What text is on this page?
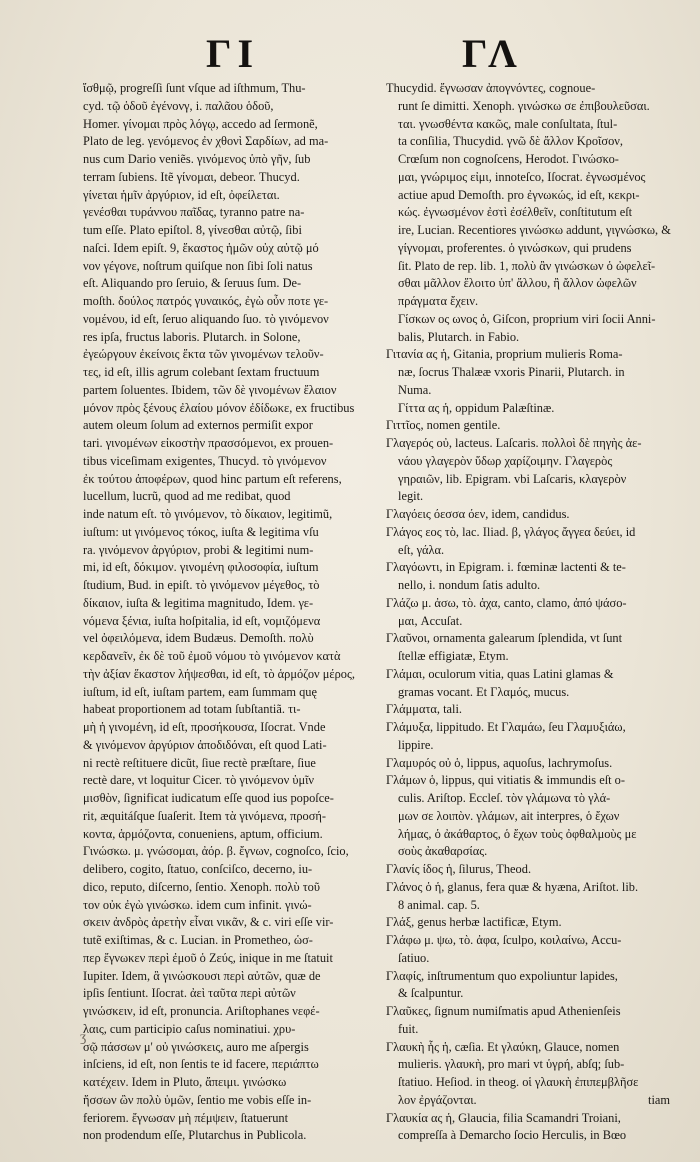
ΓΙ	ΓΛ
ἴσθμῷ, progreſſi ſunt vſque ad iſthmum, Thu-
cyd. τῷ ὁδοῦ ἐγένονγ, i. παλᾶου ὁδοῦ,
Homer. γίνομαι πρὸς λόγῳ, accedo ad ſermonẽ,
Plato de leg. γενόμενος ἐν χθονὶ Σαρδίων, ad ma-
nus cum Dario veniẽs. γινόμενος ὑπὸ γῆν, ſub
terram ſubiens. Itẽ γίνομαι, debeor. Thucyd.
γίνεται ἡμῖν ἀργύριον, id eſt, ὀφείλεται.
γενέσθαι τυράννου παῖδας, tyranno patre na-
tum eſſe. Plato epiſtol. 8, γίνεσθαι αὐτῷ, ſibi
naſci. Idem epiſt. 9, ἕκαστος ἡμῶν οὐχ αὑτῷ μό
νον γέγονε, noſtrum quiſque non ſibi ſoli natus
eſt. Aliquando pro ſeruio, & ſeruus ſum. De-
moſth. δούλος πατρός γυναικός, ἐγὼ οὖν ποτε γε-
νομένου, id eſt, ſeruo aliquando ſuo. τὸ γινόμενον
res ipſa, fructus laboris. Plutarch. in Solone,
ἐγεώργουν ἐκείνοις ἕκτα τῶν γινομένων τελοῦν-
τες, id eſt, illis agrum colebant ſextam fructuum
partem ſoluentes. Ibidem, τῶν δὲ γινομένων ἔλαιον
μόνον πρὸς ξένους ἐλαίου μόνον ἐδίδωκε, ex fructibus
autem oleum ſolum ad externos permiſit expor
tari. γινομένων εἰκοστὴν πρασσόμενοι, ex prouen-
tibus viceſimam exigentes, Thucyd. τὸ γινόμενον
ἐκ τούτου ἀποφέρων, quod hinc partum eſt referens,
lucellum, lucrũ, quod ad me redibat, quod
inde natum eſt. τὸ γινόμενον, τὸ δίκαιον, legitimũ,
iuſtum: ut γινόμενος τόκος, iuſta & legitima vſu
ra. γινόμενον ἀργύριον, probi & legitimi num-
mi, id eſt, δόκιμον. γινομένη φιλοσοφία, iuſtum
ſtudium, Bud. in epiſt. τὸ γινόμενον μέγεθος, τὸ
δίκαιον, iuſta & legitima magnitudo, Idem. γε-
νόμενα ξένια, iuſta hoſpitalia, id eſt, νομιζόμενα
vel ὀφειλόμενα, idem Budæus. Demoſth. πολὺ
κερδανεῖν, ἐκ δὲ τοῦ ἐμοῦ νόμου τὸ γινόμενον κατὰ
τὴν ἀξίαν ἕκαστον λήψεσθαι, id eſt, τὸ ἁρμόζον μέρος,
iuſtum, id eſt, iuſtam partem, eam ſummam quę
habeat proportionem ad totam ſubſtantiã. τι-
μὴ ἡ γινομένη, id eſt, προσήκουσα, Iſocrat. Vnde
& γινόμενον ἀργύριον ἀποδιδόναι, eſt quod Lati-
ni rectè reſtituere dicũt, ſiue rectè præſtare, ſiue
rectè dare, vt loquitur Cicer. τὸ γινόμενον ὑμῖν
μισθὸν, ſignificat iudicatum eſſe quod ius popoſce-
rit, æquitáſque ſuaſerit. Item τὰ γινόμενα, προσή-
κοντα, ἁρμόζοντα, conueniens, aptum, officium.
Γινώσκω. μ. γνώσομαι, ἀόρ. β. ἔγνων, cognoſco, ſcio,
delibero, cogito, ſtatuo, conſciſco, decerno, iu-
dico, reputo, diſcerno, ſentio. Xenoph. πολὺ τοῦ
τον οὐκ ἐγὼ γινώσκω. idem cum infinit. γινώ-
σκειν ἀνδρὸς ἀρετὴν εἶναι νικᾶν, & c. viri eſſe vir-
tutẽ exiſtimas, & c. Lucian. in Prometheo, ὡσ-
περ ἔγνωκεν περὶ ἐμοῦ ὁ Ζεύς, inique in me ſtatuit
Iupiter. Idem, ἃ γινώσκουσι περὶ αὐτῶν, quæ de
ipſis ſentiunt. Iſocrat. ἀεὶ ταῦτα περὶ αὐτῶν
γινώσκειν, id eſt, pronuncia. Ariſtophanes νεφέ-
λαις, cum participio caſus nominatiui. χρυ-
σῷ πάσσων μ' οὐ γινώσκεις, auro me aſpergis
inſciens, id eſt, non ſentis te id facere, περιάπτω
κατέχειν. Idem in Pluto, ἄπειμι. γινώσκω
ἥσσων ὢν πολὺ ὑμῶν, ſentio me vobis eſſe in-
feriorem. ἔγνωσαν μὴ πέμψειν, ſtatuerunt
non prodendum eſſe, Plutarchus in Publicola.
Thucydid. ἔγνωσαν ἀπογνόντες, cognoue-
runt ſe dimitti. Xenoph. γινώσκω σε ἐπιβουλεῦσαι.
ται. γνωσθέντα κακῶς, male conſultata, ſtul-
ta conſilia, Thucydid. γνῶ δὲ ἄλλον Κροῖσον,
Crœſum non cognoſcens, Herodot. Γινώσκο-
μαι, γνώριμος εἰμι, innoteſco, Iſocrat. ἐγνωσμένος
actiue apud Demoſth. pro ἐγνωκώς, id eſt, κεκρι-
κώς. ἐγνωσμένον ἐστὶ ἐσέλθεῖν, conſtitutum eſt
ire, Lucian. Recentiores γινώσκω addunt, γιγνώσκω, &
γίγνομαι, proferentes. ὁ γινώσκων, qui prudens
ſit. Plato de rep. lib. 1, πολὺ ἂν γινώσκων ὁ ὠφελεῖ-
σθαι μᾶλλον ἕλοιτο ὑπ' ἄλλου, ἢ ἄλλον ὠφελῶν
πράγματα ἔχειν.
Γίσκων ος ωνος ὁ, Giſcon, proprium viri ſocii Anni-
balis, Plutarch. in Fabio.
Γιτανία ας ἡ, Gitania, proprium mulieris Roma-
næ, ſocrus Thalææ vxoris Pinarii, Plutarch. in
Numa.
Γίττα ας ἡ, oppidum Palæſtinæ.
Γιττῖος, nomen gentile.
Γλαγερός οὐ, lacteus. Laſcaris. πολλοὶ δὲ πηγὴς ἀε-
νάου γλαγερὸν ὕδωρ χαρίζοιμην. Γλαγερὸς
γηραιῶν, lib. Epigram. vbi Laſcaris, κλαγερὸν
legit.
Γλαγόεις όεσσα όεν, idem, candidus.
Γλάγος εος τὸ, lac. Iliad. β, γλάγος ἄγγεα δεύει, id
eſt, γάλα.
Γλαγόωντι, in Epigram. i. fœminæ lactenti & te-
nello, i. nondum ſatis adulto.
Γλάζω μ. ἀσω, τὸ. ἀχα, canto, clamo, ἀπό ψάσο-
μαι, Accuſat.
Γλαῦνοι, ornamenta galearum ſplendida, vt ſunt
ſtellæ effigiatæ, Etym.
Γλάμαι, oculorum vitia, quas Latini glamas &
gramas vocant. Et Γλαμός, mucus.
Γλάμματα, tali.
Γλάμυξα, lippitudo. Et Γλαμάω, ſeu Γλαμυξιάω,
lippire.
Γλαμυρός οὐ ὁ, lippus, aquoſus, lachrymoſus.
Γλάμων ὁ, lippus, qui vitiatis & immundis eſt o-
culis. Ariſtop. Eccleſ. τὸν γλάμωνα τὸ γλά-
μων σε λοιπὸν. γλάμων, ait interpres, ὁ ἔχων
λήμας, ὁ ἀκάθαρτος, ὁ ἔχων τοὺς ὀφθαλμοὺς με
σοὺς ἀκαθαρσίας.
Γλανίς ίδος ἡ, ſilurus, Theod.
Γλάνος ὁ ἡ, glanus, fera quæ & hyæna, Ariſtot. lib.
8 animal. cap. 5.
Γλάξ, genus herbæ lactificæ, Etym.
Γλάφω μ. ψω, τὸ. ἀφα, ſculpo, κοιλαίνω, Accu-
ſatiuo.
Γλαφίς, inſtrumentum quo expoliuntur lapides,
& ſcalpuntur.
Γλαῦκες, ſignum numiſmatis apud Athenienſeis
fuit.
Γλαυκὴ ἧς ἡ, cæſia. Et γλαύκη, Glauce, nomen
mulieris. γλαυκὴ, pro mari vt ὑγρή, abſq; ſub-
ſtatiuo. Heſiod. in theog. οἱ γλαυκὴ ἐπιπεμβλῆσε
λον ἐργάζονται.
Γλαυκία ας ἡ, Glaucia, filia Scamandri Troiani,
compreſſa à Demarcho ſocio Herculis, in Bœo
ʒ
tiam
